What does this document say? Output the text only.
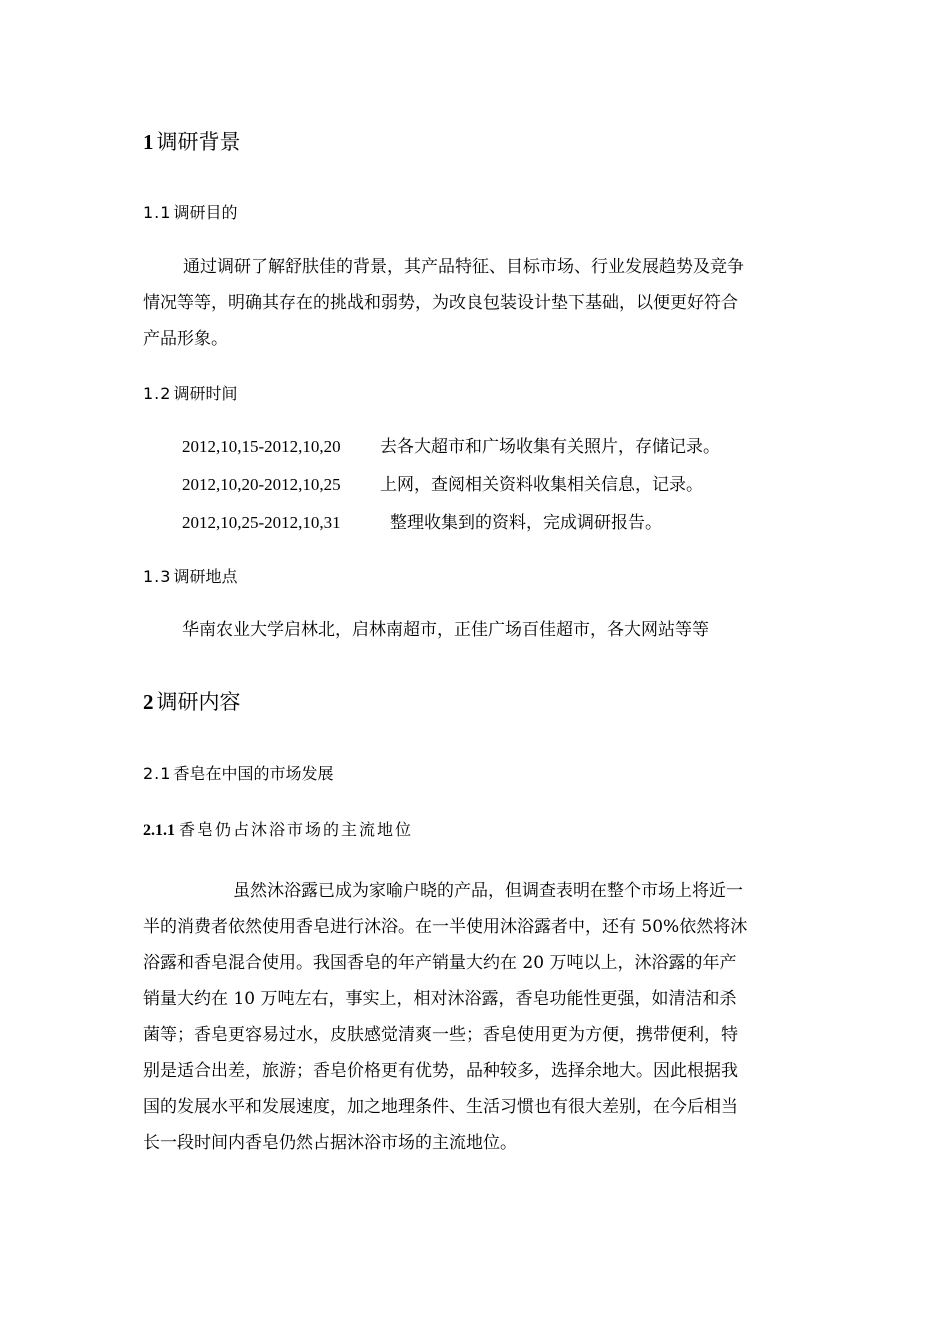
1 调研背景
1.1 调研目的
通过调研了解舒肤佳的背景，其产品特征、目标市场、行业发展趋势及竞争
情况等等，明确其存在的挑战和弱势，为改良包装设计垫下基础，以便更好符合
产品形象。
1.2 调研时间
2012,10,15-2012,10,20 去各大超市和广场收集有关照片，存储记录。
2012,10,20-2012,10,25 上网，查阅相关资料收集相关信息，记录。
2012,10,25-2012,10,31	整理收集到的资料，完成调研报告。
1.3 调研地点
华南农业大学启林北，启林南超市，正佳广场百佳超市，各大网站等等
2 调研内容
2.1 香皂在中国的市场发展
2.1.1 香皂仍占沐浴市场的主流地位
虽然沐浴露已成为家喻户晓的产品，但调查表明在整个市场上将近一
半的消费者依然使用香皂进行沐浴。在一半使用沐浴露者中，还有 50%依然将沐
浴露和香皂混合使用。我国香皂的年产销量大约在 20 万吨以上，沐浴露的年产
销量大约在 10 万吨左右，事实上，相对沐浴露，香皂功能性更强，如清洁和杀
菌等；香皂更容易过水，皮肤感觉清爽一些；香皂使用更为方便，携带便利，特
别是适合出差，旅游；香皂价格更有优势，品种较多，选择余地大。因此根据我
国的发展水平和发展速度，加之地理条件、生活习惯也有很大差别，在今后相当
长一段时间内香皂仍然占据沐浴市场的主流地位。
